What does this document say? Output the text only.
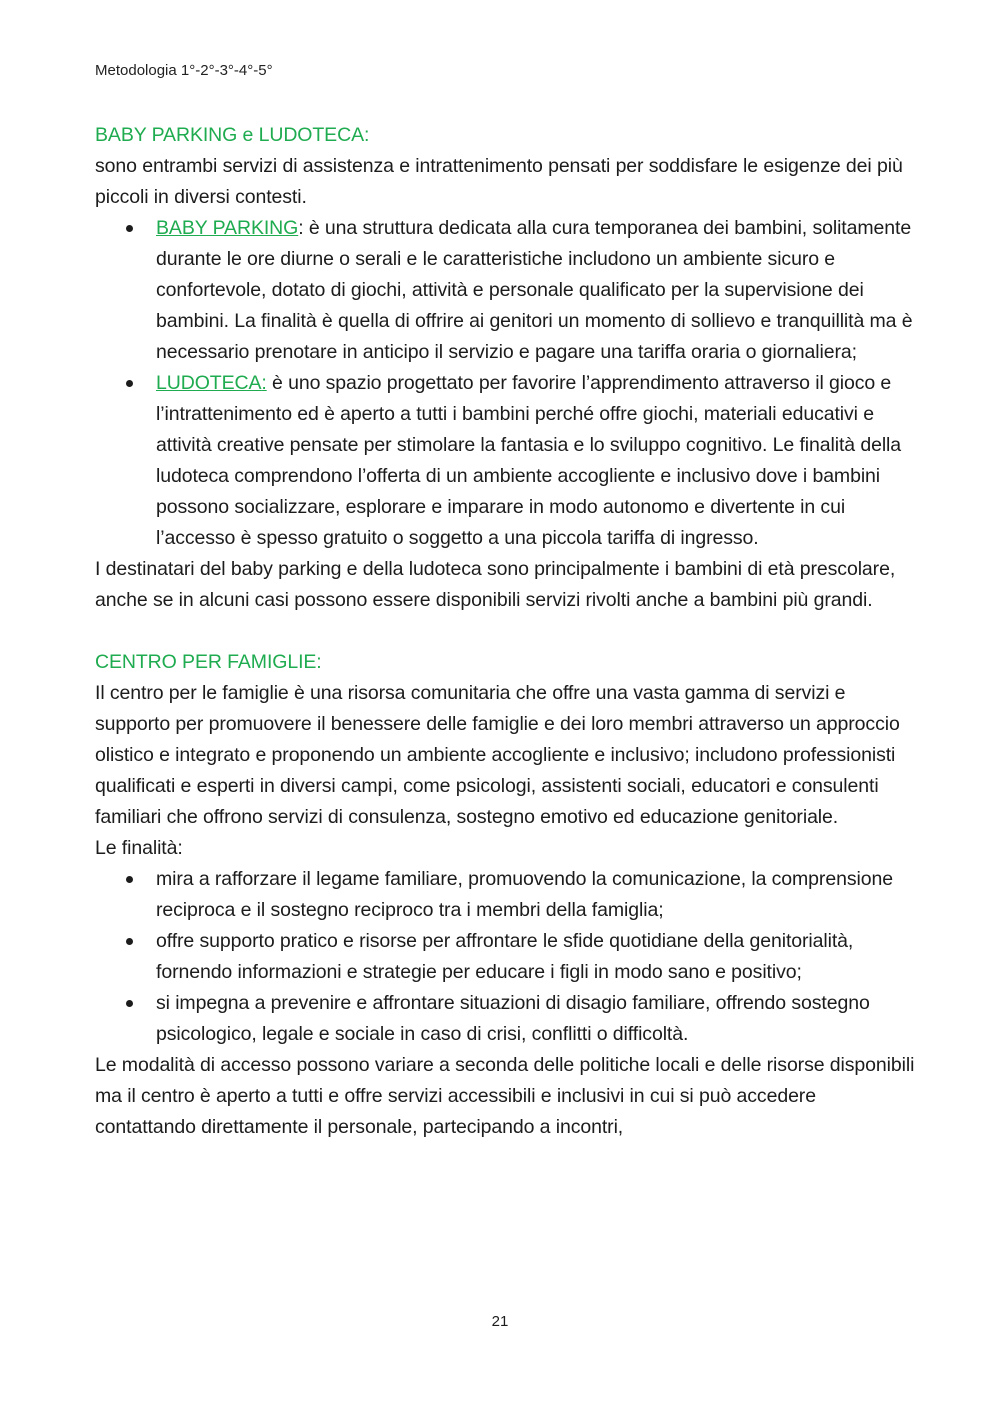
Metodologia 1°-2°-3°-4°-5°

BABY PARKING e LUDOTECA:

sono entrambi servizi di assistenza e intrattenimento pensati per soddisfare le esigenze dei più piccoli in diversi contesti.

BABY PARKING: è una struttura dedicata alla cura temporanea dei bambini, solitamente durante le ore diurne o serali e le caratteristiche includono un ambiente sicuro e confortevole, dotato di giochi, attività e personale qualificato per la supervisione dei bambini. La finalità è quella di offrire ai genitori un momento di sollievo e tranquillità ma è necessario prenotare in anticipo il servizio e pagare una tariffa oraria o giornaliera;
LUDOTECA: è uno spazio progettato per favorire l’apprendimento attraverso il gioco e l’intrattenimento ed è aperto a tutti i bambini perché offre giochi, materiali educativi e attività creative pensate per stimolare la fantasia e lo sviluppo cognitivo. Le finalità della ludoteca comprendono l’offerta di un ambiente accogliente e inclusivo dove i bambini possono socializzare, esplorare e imparare in modo autonomo e divertente in cui l’accesso è spesso gratuito o soggetto a una piccola tariffa di ingresso.

I destinatari del baby parking e della ludoteca sono principalmente i bambini di età prescolare, anche se in alcuni casi possono essere disponibili servizi rivolti anche a bambini più grandi.

CENTRO PER FAMIGLIE:

Il centro per le famiglie è una risorsa comunitaria che offre una vasta gamma di servizi e supporto per promuovere il benessere delle famiglie e dei loro membri attraverso un approccio olistico e integrato e proponendo un ambiente accogliente e inclusivo; includono professionisti qualificati e esperti in diversi campi, come psicologi, assistenti sociali, educatori e consulenti familiari che offrono servizi di consulenza, sostegno emotivo ed educazione genitoriale.

Le finalità:

mira a rafforzare il legame familiare, promuovendo la comunicazione, la comprensione reciproca e il sostegno reciproco tra i membri della famiglia;
offre supporto pratico e risorse per affrontare le sfide quotidiane della genitorialità, fornendo informazioni e strategie per educare i figli in modo sano e positivo;
si impegna a prevenire e affrontare situazioni di disagio familiare, offrendo sostegno psicologico, legale e sociale in caso di crisi, conflitti o difficoltà.

Le modalità di accesso possono variare a seconda delle politiche locali e delle risorse disponibili ma il centro è aperto a tutti e offre servizi accessibili e inclusivi in cui si può accedere contattando direttamente il personale, partecipando a incontri,

21
